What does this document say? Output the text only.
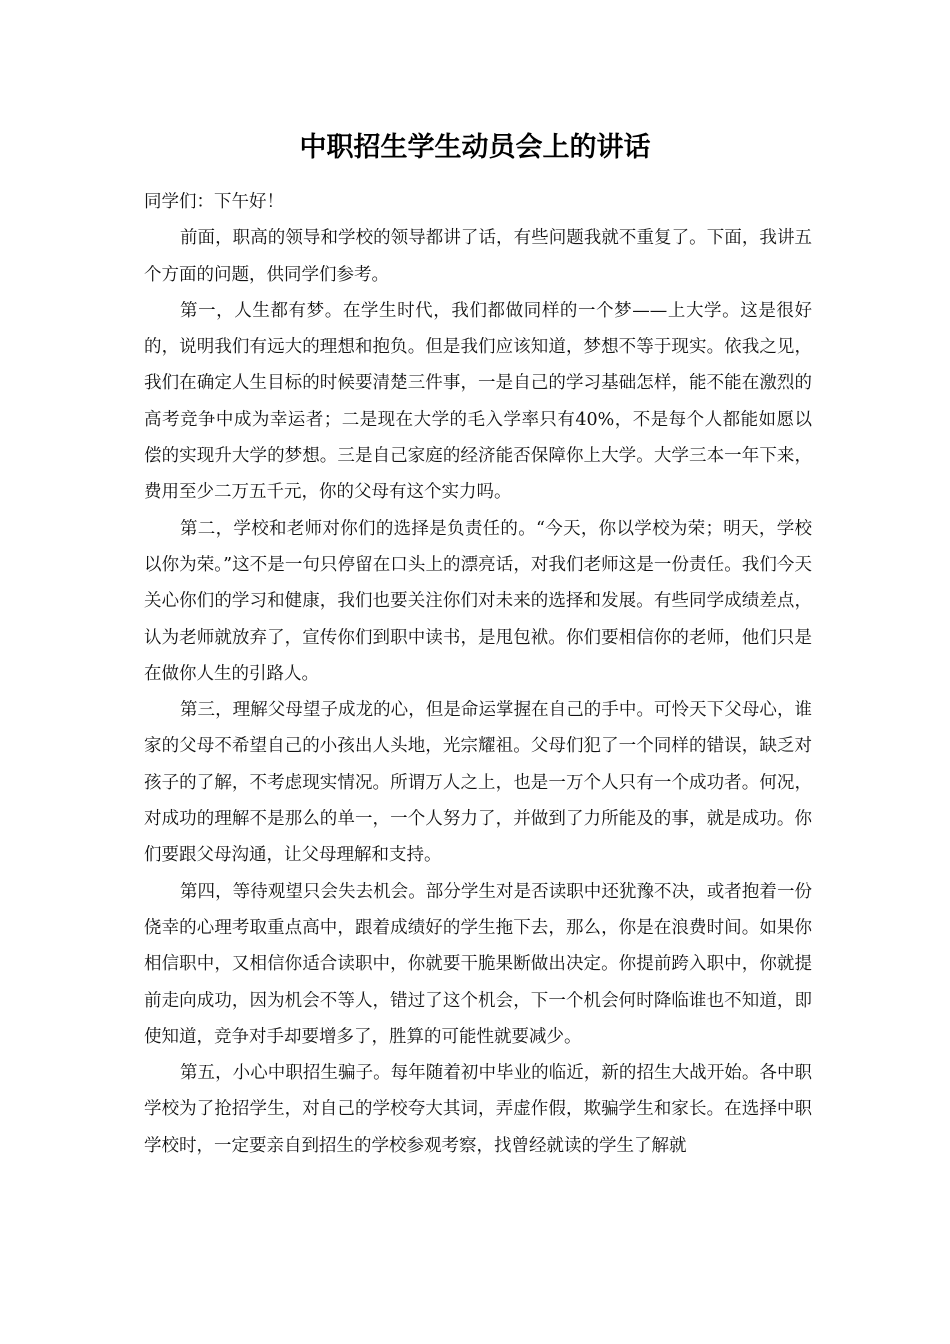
中职招生学生动员会上的讲话

同学们：下午好！

前面，职高的领导和学校的领导都讲了话，有些问题我就不重复了。下面，我讲五个方面的问题，供同学们参考。

第一，人生都有梦。在学生时代，我们都做同样的一个梦——上大学。这是很好的，说明我们有远大的理想和抱负。但是我们应该知道，梦想不等于现实。依我之见，我们在确定人生目标的时候要清楚三件事，一是自己的学习基础怎样，能不能在激烈的高考竞争中成为幸运者；二是现在大学的毛入学率只有40%，不是每个人都能如愿以偿的实现升大学的梦想。三是自己家庭的经济能否保障你上大学。大学三本一年下来，费用至少二万五千元，你的父母有这个实力吗。

第二，学校和老师对你们的选择是负责任的。“今天，你以学校为荣；明天，学校以你为荣。”这不是一句只停留在口头上的漂亮话，对我们老师这是一份责任。我们今天关心你们的学习和健康，我们也要关注你们对未来的选择和发展。有些同学成绩差点，认为老师就放弃了，宣传你们到职中读书，是甩包袱。你们要相信你的老师，他们只是在做你人生的引路人。

第三，理解父母望子成龙的心，但是命运掌握在自己的手中。可怜天下父母心，谁家的父母不希望自己的小孩出人头地，光宗耀祖。父母们犯了一个同样的错误，缺乏对孩子的了解，不考虑现实情况。所谓万人之上，也是一万个人只有一个成功者。何况，对成功的理解不是那么的单一，一个人努力了，并做到了力所能及的事，就是成功。你们要跟父母沟通，让父母理解和支持。

第四，等待观望只会失去机会。部分学生对是否读职中还犹豫不决，或者抱着一份侥幸的心理考取重点高中，跟着成绩好的学生拖下去，那么，你是在浪费时间。如果你相信职中，又相信你适合读职中，你就要干脆果断做出决定。你提前跨入职中，你就提前走向成功，因为机会不等人，错过了这个机会，下一个机会何时降临谁也不知道，即使知道，竞争对手却要增多了，胜算的可能性就要减少。

第五，小心中职招生骗子。每年随着初中毕业的临近，新的招生大战开始。各中职学校为了抢招学生，对自己的学校夸大其词，弄虚作假，欺骗学生和家长。在选择中职学校时，一定要亲自到招生的学校参观考察，找曾经就读的学生了解就
